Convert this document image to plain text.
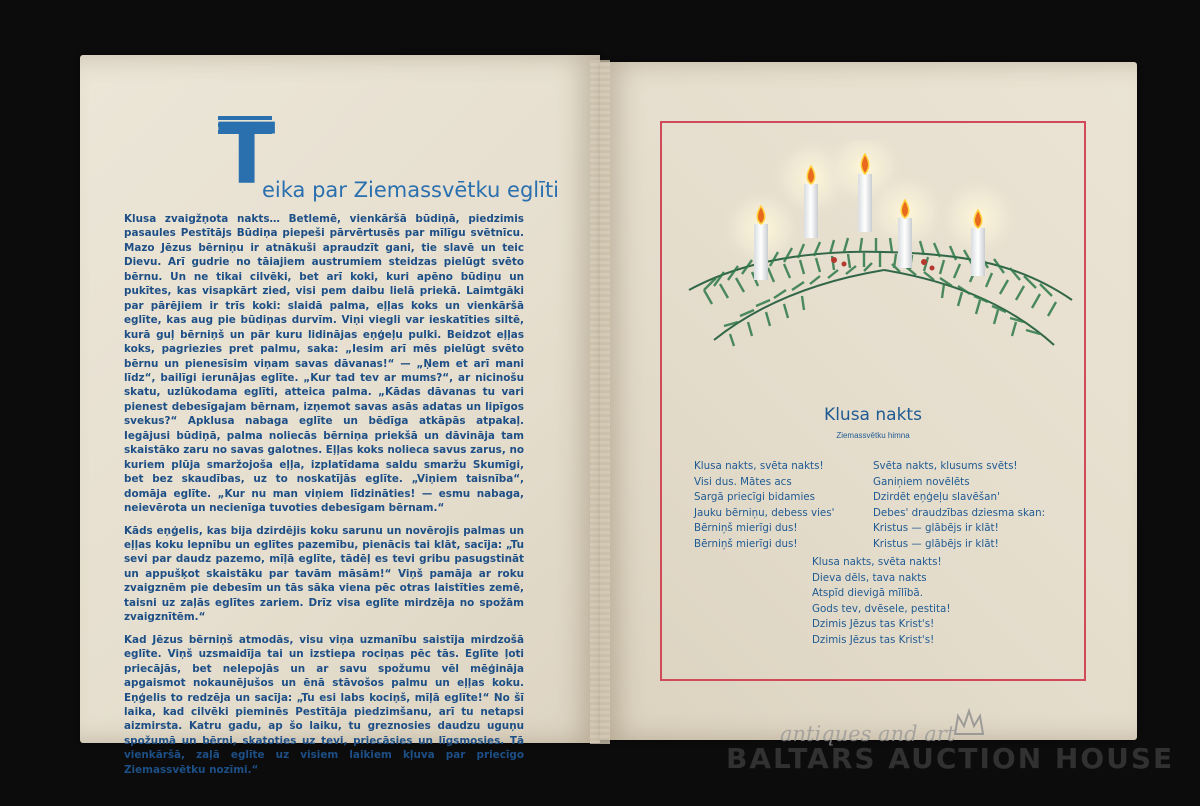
T
eika par Ziemassvētku eglīti

Klusa zvaigžņota nakts… Betlemē, vienkāršā būdiņā, piedzimis pasaules Pestītājs Būdiņa piepeši pārvērtusēs par mīlīgu svētnīcu. Mazo Jēzus bērniņu ir atnākuši apraudzīt gani, tie slavē un teic Dievu. Arī gudrie no tāiajiem austrumiem steidzas pielūgt svēto bērnu. Un ne tikai cilvēki, bet arī koki, kuri apēno būdiņu un pukītes, kas visapkārt zied, visi pem daibu lielā priekā. Laimtgāki par pārējiem ir trīs koki: slaidā palma, eļļas koks un vienkāršā eglīte, kas aug pie būdiņas durvīm. Viņi viegli var ieskatīties siltē, kurā guļ bērniņš un pār kuru lidinājas eņģeļu pulki. Beidzot eļļas koks, pagriezies pret palmu, saka: „Iesim arī mēs pielūgt svēto bērnu un pienesīsim viņam savas dāvanas!“ — „Ņem et arī mani līdz“, bailīgi ierunājas eglīte. „Kur tad tev ar mums?“, ar nicinošu skatu, uzlūkodama eglīti, atteica palma. „Kādas dāvanas tu vari pienest debesīgajam bērnam, izņemot savas asās adatas un lipīgos svekus?“ Apklusa nabaga eglīte un bēdīga atkāpās atpakaļ. Iegājusi būdiņā, palma noliecās bērniņa priekšā un dāvināja tam skaistāko zaru no savas galotnes. Eļļas koks noliecа savus zarus, no kuriem plūja smaržojoša eļļa, izplatīdama saldu smaržu Skumīgi, bet bez skaudības, uz to noskatījās eglīte. „Viņiem taisnība“, domāja eglīte. „Kur nu man viņiem līdzināties! — esmu nabaga, neievērota un necienīga tuvoties debesīgam bērnam.“

Kāds eņģelis, kas bija dzirdējis koku sarunu un novērojis palmas un eļļas koku lepnību un eglītes pazemību, pienācis tai klāt, sacīja: „Tu sevi par daudz pazemo, mīļā eglīte, tādēļ es tevi gribu pasugstināt un appušķot skaistāku par tavām māsām!“ Viņš pamāja ar roku zvaigznēm pie debesīm un tās sāka viena pēc otras laistīties zemē, taisni uz zaļās eglītes zariem. Drīz visa eglīte mirdzēja no spožām zvaigznītēm.“

Kad Jēzus bērniņš atmodās, visu viņa uzmanību saistīja mirdzošā eglīte. Viņš uzsmaidīja tai un izstiepa rociņas pēc tās. Eglīte ļoti priecājās, bet nelepojās un ar savu spožumu vēl mēģināja apgaismot nokaunējušos un ēnā stāvošos palmu un eļļas koku. Eņģelis to redzēja un sacīja: „Tu esi labs kociņš, mīļā eglīte!“ No šī laika, kad cilvēki pieminēs Pestītāja piedzimšanu, arī tu netapsi aizmirsta. Katru gadu, ap šo laiku, tu greznosies daudzu uguņu spožumā un bērni, skatoties uz tevi, priecāsies un līgsmosies. Tā vienkāršā, zaļā eglīte uz visiem laikiem kļuva par priecīgo Ziemassvētku nozīmi.“

Klusa nakts
Ziemassvētku himna
Klusa nakts, svēta nakts!
Visi dus. Mātes acs
Sargā priecīgi bidamies
Jauku bērniņu, debess vies'
Bērniņš mierīgi dus!
Bērniņš mierīgi dus!
Svēta nakts, klusums svēts!
Ganiņiem novēlēts
Dzirdēt eņģeļu slavēšan'
Debes' draudzības dziesma skan:
Kristus — glābējs ir klāt!
Kristus — glābējs ir klāt!
Klusa nakts, svēta nakts!
Dieva dēls, tava nakts
Atspīd dievigā mīlībā.
Gods tev, dvēsele, pestita!
Dzimis Jēzus tas Krist's!
Dzimis Jēzus tas Krist's!
antiques and art
BALTARS AUCTION HOUSE
